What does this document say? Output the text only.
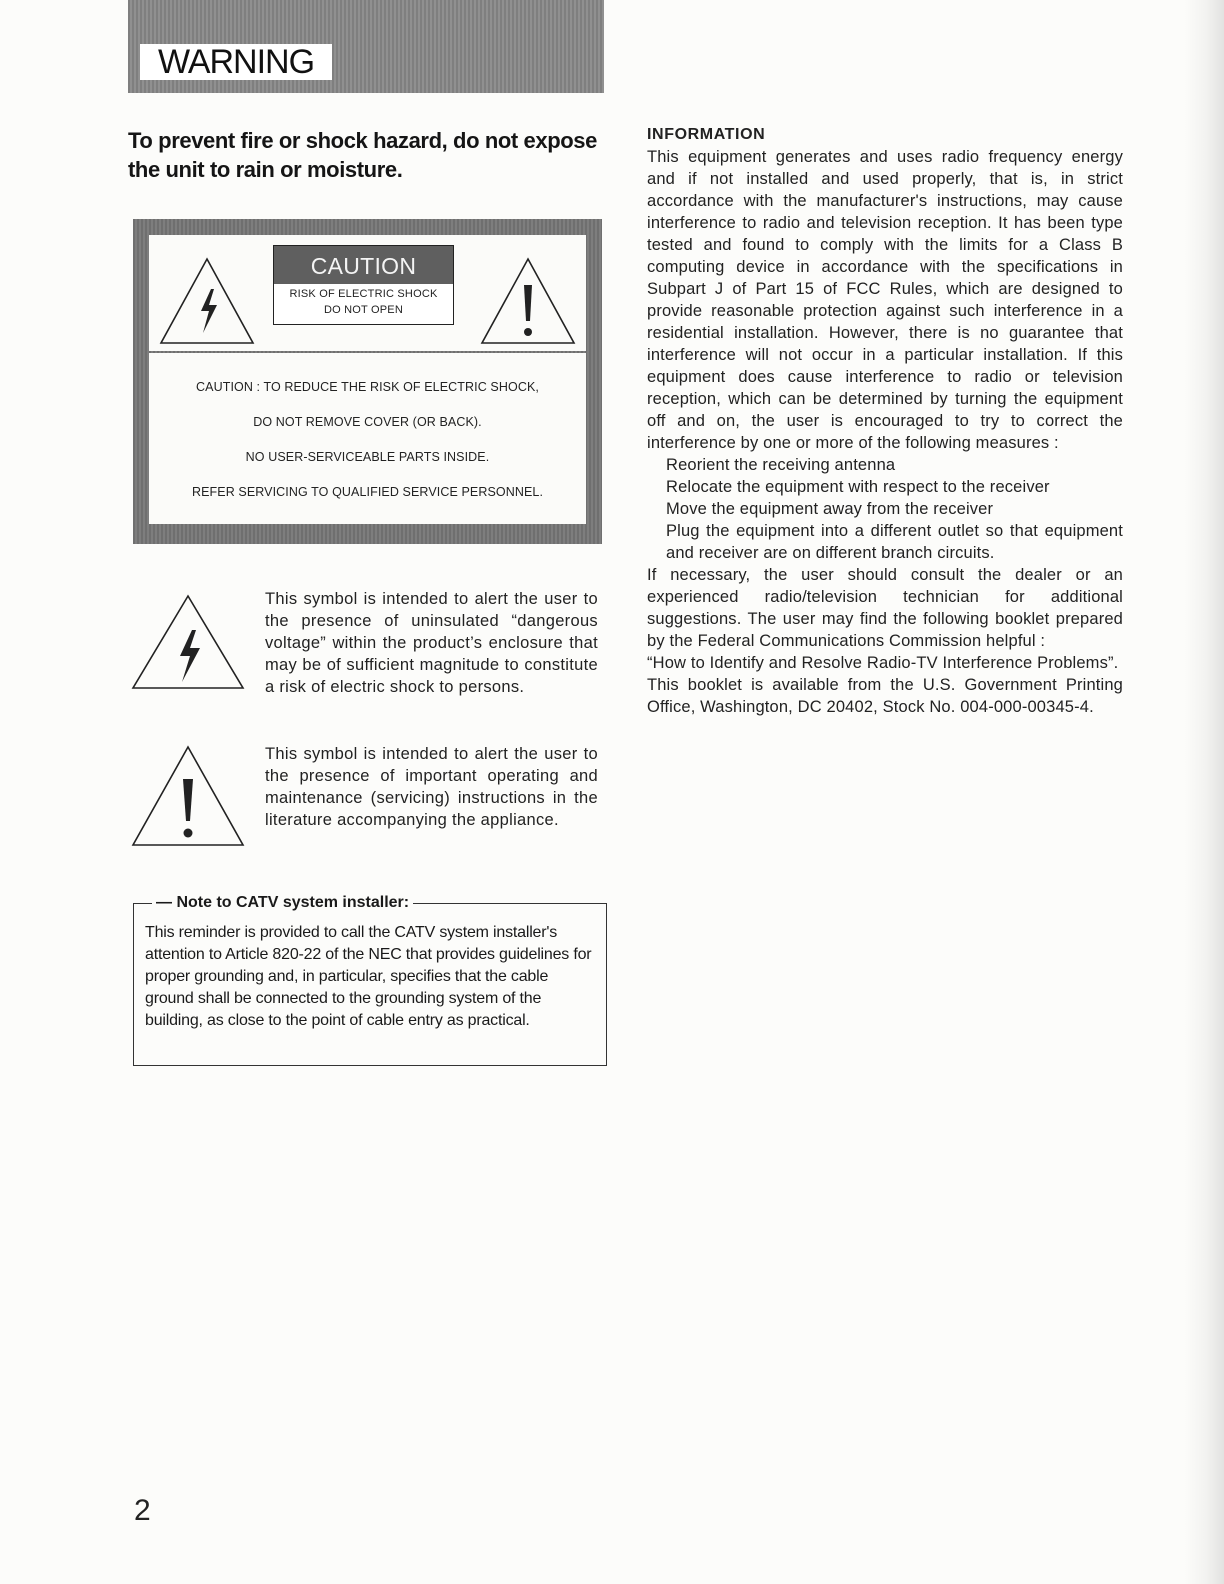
WARNING
To prevent fire or shock hazard, do not expose the unit to rain or moisture.
CAUTION
RISK OF ELECTRIC SHOCK
DO NOT OPEN
CAUTION : TO REDUCE THE RISK OF ELECTRIC SHOCK,
DO NOT REMOVE COVER (OR BACK).
NO USER-SERVICEABLE PARTS INSIDE.
REFER SERVICING TO QUALIFIED SERVICE PERSONNEL.
This symbol is intended to alert the user to the presence of uninsulated “dangerous voltage” within the product’s enclosure that may be of sufficient magnitude to constitute a risk of electric shock to persons.
This symbol is intended to alert the user to the presence of important operating and maintenance (servicing) instructions in the literature accompanying the appliance.
— Note to CATV system installer:
This reminder is provided to call the CATV system installer's attention to Article 820-22 of the NEC that provides guidelines for proper grounding and, in particular, specifies that the cable ground shall be connected to the grounding system of the building, as close to the point of cable entry as practical.
INFORMATION

This equipment generates and uses radio frequency energy and if not installed and used properly, that is, in strict accordance with the manufacturer's instructions, may cause interference to radio and television reception. It has been type tested and found to comply with the limits for a Class B computing device in accordance with the specifications in Subpart J of Part 15 of FCC Rules, which are designed to provide reasonable protection against such interference in a residential installation. However, there is no guarantee that interference will not occur in a particular installation. If this equipment does cause interference to radio or television reception, which can be determined by turning the equipment off and on, the user is encouraged to try to correct the interference by one or more of the following measures :

Reorient the receiving antenna
Relocate the equipment with respect to the receiver
Move the equipment away from the receiver
Plug the equipment into a different outlet so that equipment and receiver are on different branch circuits.

If necessary, the user should consult the dealer or an experienced radio/television technician for additional suggestions. The user may find the following booklet prepared by the Federal Communications Commission helpful :

“How to Identify and Resolve Radio-TV Interference Problems”.

This booklet is available from the U.S. Government Printing Office, Washington, DC 20402, Stock No. 004-000-00345-4.

2
